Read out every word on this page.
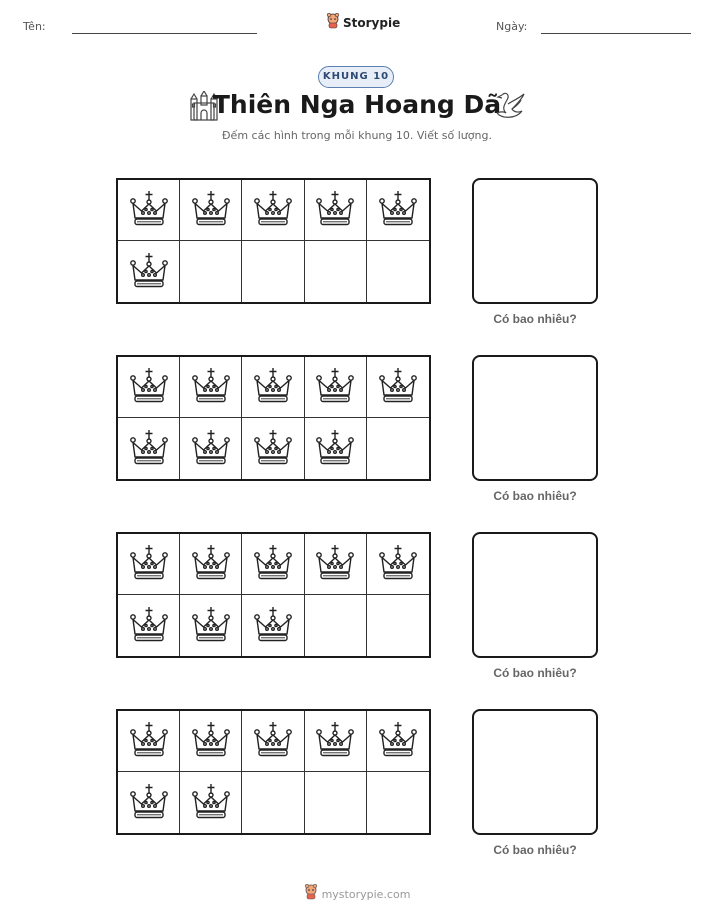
Tên:	Storypie	Ngày:
KHUNG 10
Thiên Nga Hoang Dã
Đếm các hình trong mỗi khung 10. Viết số lượng.
Có bao nhiêu?
Có bao nhiêu?
Có bao nhiêu?
Có bao nhiêu?
mystorypie.com
